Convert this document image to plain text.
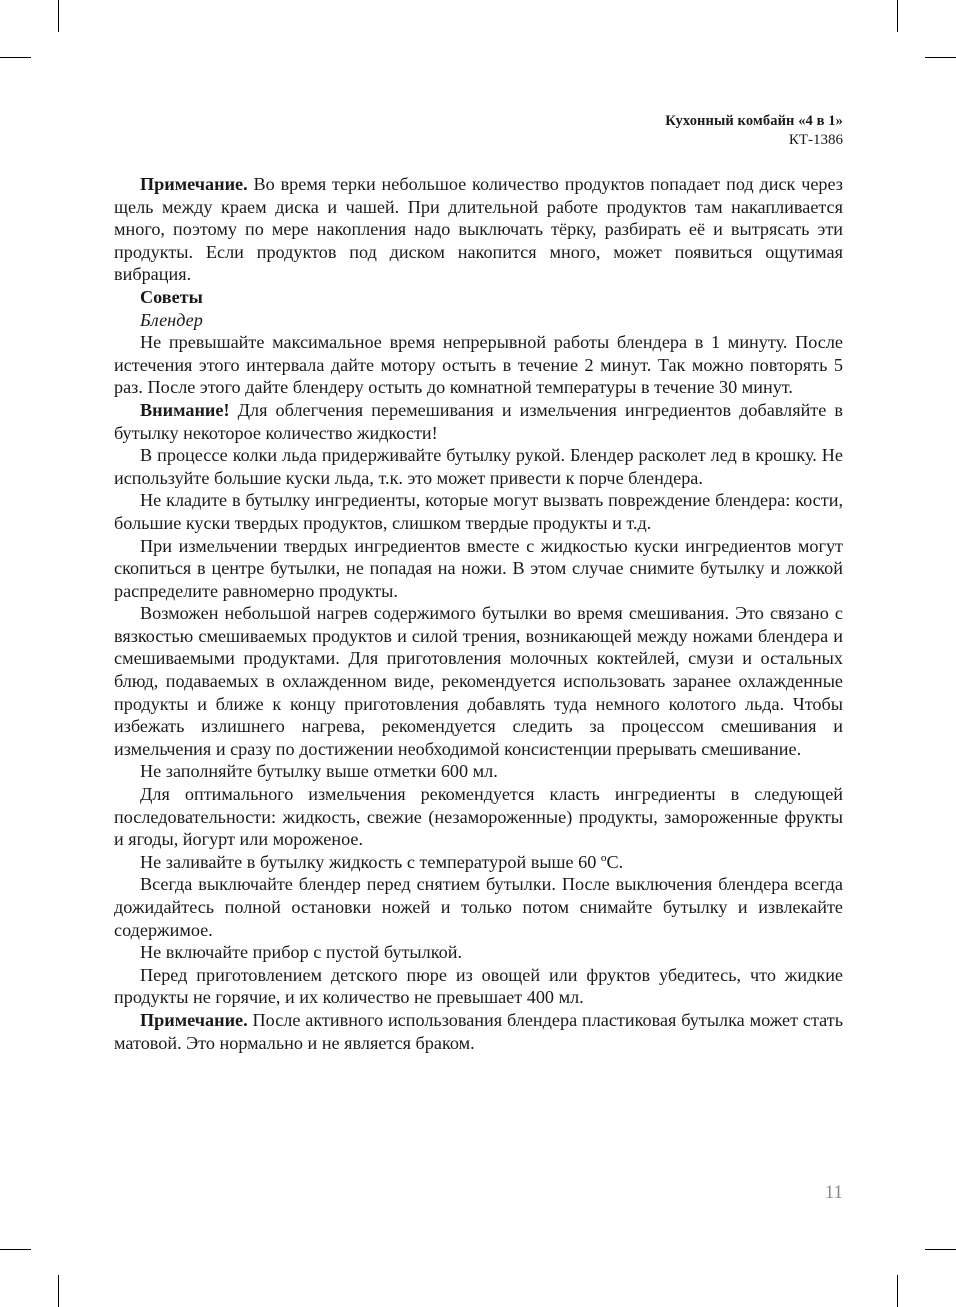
Кухонный комбайн «4 в 1»
КТ-1386

Примечание. Во время терки небольшое количество продуктов попадает под диск через щель между краем диска и чашей. При длительной работе продуктов там накапливается много, поэтому по мере накопления надо выключать тёрку, разбирать её и вытрясать эти продукты. Если продуктов под диском накопится много, может появиться ощутимая вибрация.

Советы
Блендер

Не превышайте максимальное время непрерывной работы блендера в 1 минуту. После истечения этого интервала дайте мотору остыть в течение 2 минут. Так можно повторять 5 раз. После этого дайте блендеру остыть до комнатной температуры в течение 30 минут.

Внимание! Для облегчения перемешивания и измельчения ингредиентов добавляйте в бутылку некоторое количество жидкости!

В процессе колки льда придерживайте бутылку рукой. Блендер расколет лед в крошку. Не используйте большие куски льда, т.к. это может привести к порче блендера.

Не кладите в бутылку ингредиенты, которые могут вызвать повреждение блендера: кости, большие куски твердых продуктов, слишком твердые продукты и т.д.

При измельчении твердых ингредиентов вместе с жидкостью куски ингредиентов могут скопиться в центре бутылки, не попадая на ножи. В этом случае снимите бутылку и ложкой распределите равномерно продукты.

Возможен небольшой нагрев содержимого бутылки во время смешивания. Это связано с вязкостью смешиваемых продуктов и силой трения, возникающей между ножами блендера и смешиваемыми продуктами. Для приготовления молочных коктейлей, смузи и остальных блюд, подаваемых в охлажденном виде, рекомендуется использовать заранее охлажденные продукты и ближе к концу приготовления добавлять туда немного колотого льда. Чтобы избежать излишнего нагрева, рекомендуется следить за процессом смешивания и измельчения и сразу по достижении необходимой консистенции прерывать смешивание.

Не заполняйте бутылку выше отметки 600 мл.

Для оптимального измельчения рекомендуется класть ингредиенты в следующей последовательности: жидкость, свежие (незамороженные) продукты, замороженные фрукты и ягоды, йогурт или мороженое.

Не заливайте в бутылку жидкость с температурой выше 60 ºC.

Всегда выключайте блендер перед снятием бутылки. После выключения блендера всегда дожидайтесь полной остановки ножей и только потом снимайте бутылку и извлекайте содержимое.

Не включайте прибор с пустой бутылкой.

Перед приготовлением детского пюре из овощей или фруктов убедитесь, что жидкие продукты не горячие, и их количество не превышает 400 мл.

Примечание. После активного использования блендера пластиковая бутылка может стать матовой. Это нормально и не является браком.

11
